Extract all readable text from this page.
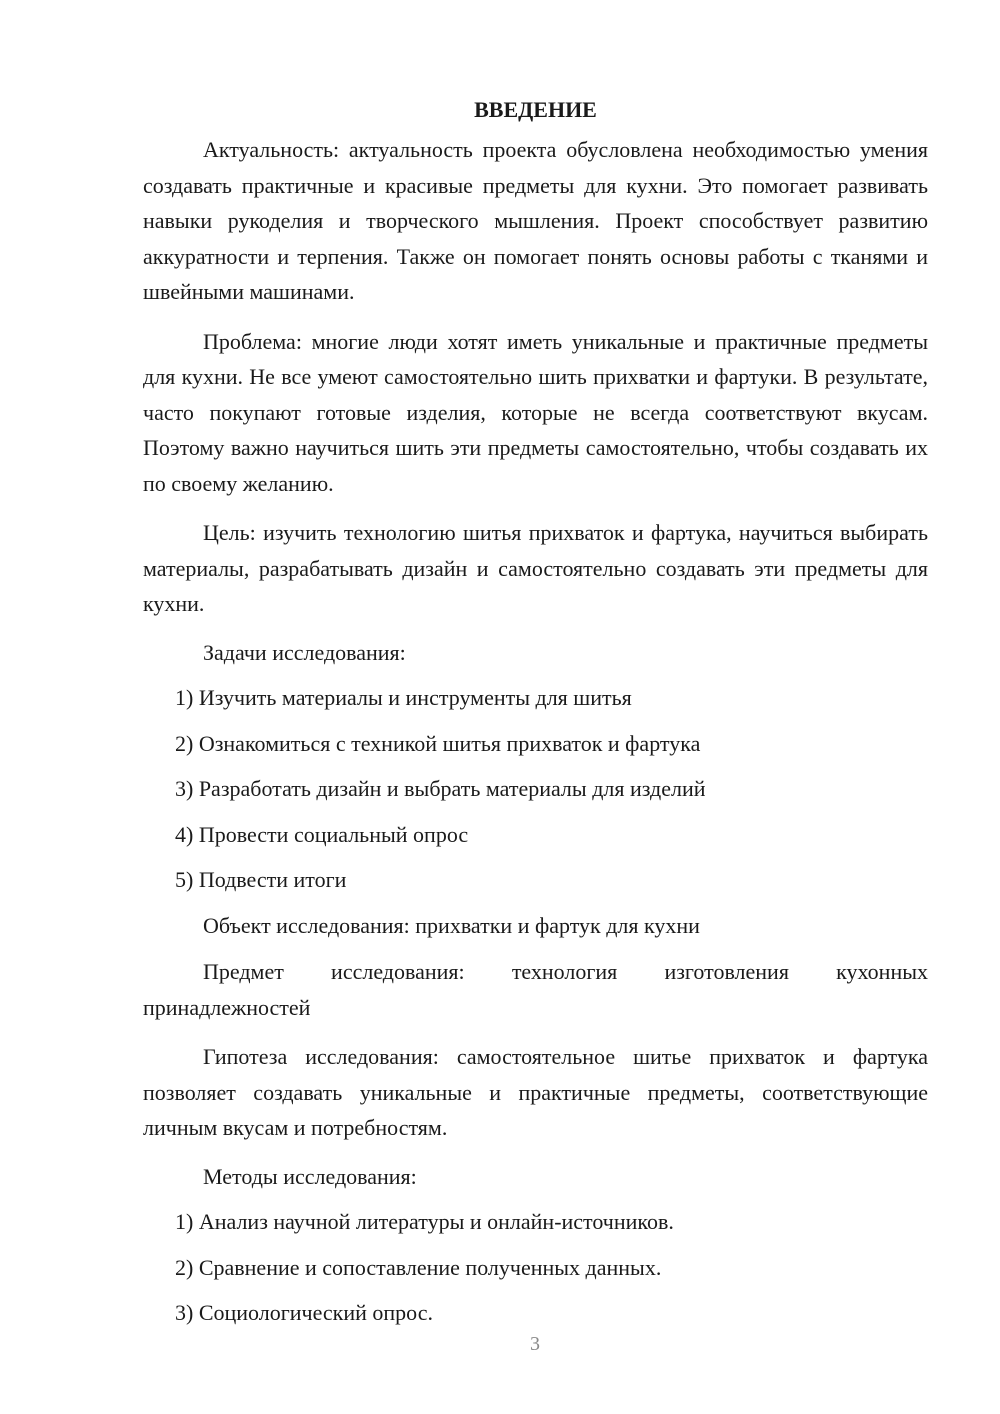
ВВЕДЕНИЕ

Актуальность: актуальность проекта обусловлена необходимостью умения создавать практичные и красивые предметы для кухни. Это помогает развивать навыки рукоделия и творческого мышления. Проект способствует развитию аккуратности и терпения. Также он помогает понять основы работы с тканями и швейными машинами.

Проблема: многие люди хотят иметь уникальные и практичные предметы для кухни. Не все умеют самостоятельно шить прихватки и фартуки. В результате, часто покупают готовые изделия, которые не всегда соответствуют вкусам. Поэтому важно научиться шить эти предметы самостоятельно, чтобы создавать их по своему желанию.

Цель: изучить технологию шитья прихваток и фартука, научиться выбирать материалы, разрабатывать дизайн и самостоятельно создавать эти предметы для кухни.

Задачи исследования:
1) Изучить материалы и инструменты для шитья
2) Ознакомиться с техникой шитья прихваток и фартука
3) Разработать дизайн и выбрать материалы для изделий
4) Провести социальный опрос
5) Подвести итоги
Объект исследования: прихватки и фартук для кухни

Предмет исследования: технология изготовления кухонных принадлежностей

Гипотеза исследования: самостоятельное шитье прихваток и фартука позволяет создавать уникальные и практичные предметы, соответствующие личным вкусам и потребностям.

Методы исследования:
1) Анализ научной литературы и онлайн-источников.
2) Сравнение и сопоставление полученных данных.
3) Социологический опрос.
3
